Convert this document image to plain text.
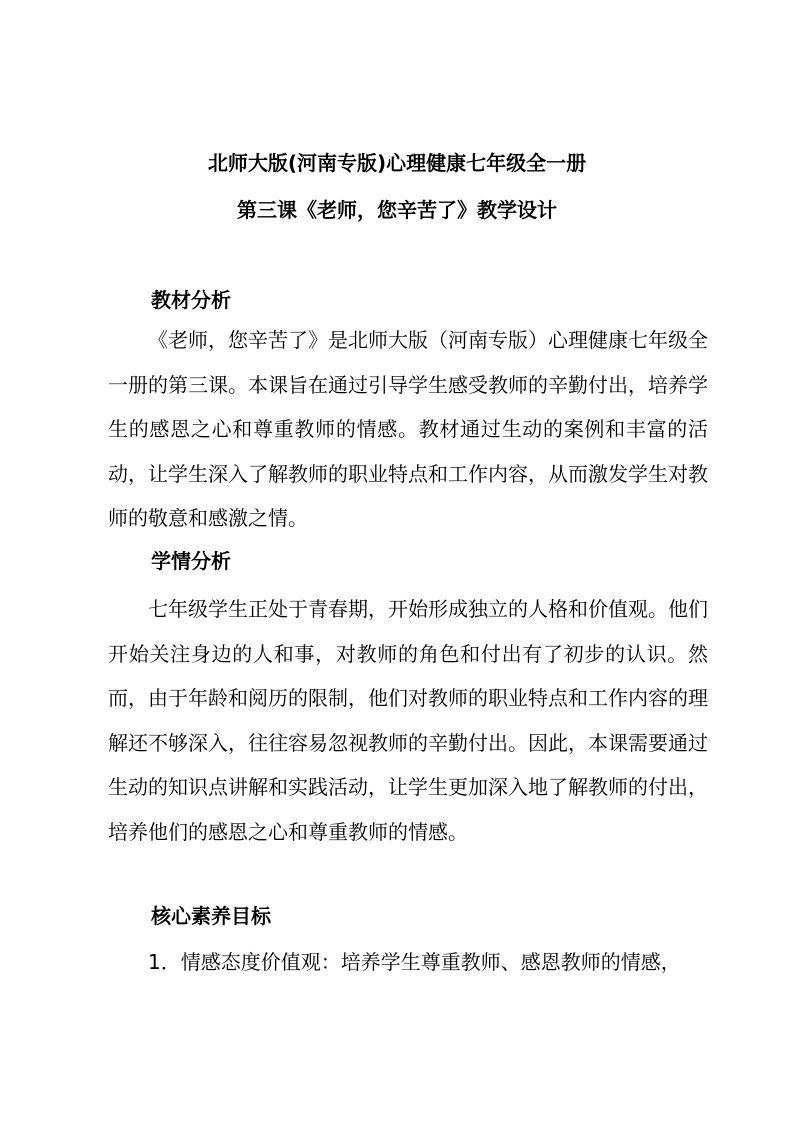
北师大版(河南专版)心理健康七年级全一册
第三课《老师，您辛苦了》教学设计
教材分析

《老师，您辛苦了》是北师大版（河南专版）心理健康七年级全一册的第三课。本课旨在通过引导学生感受教师的辛勤付出，培养学生的感恩之心和尊重教师的情感。教材通过生动的案例和丰富的活动，让学生深入了解教师的职业特点和工作内容，从而激发学生对教师的敬意和感激之情。

学情分析

七年级学生正处于青春期，开始形成独立的人格和价值观。他们开始关注身边的人和事，对教师的角色和付出有了初步的认识。然而，由于年龄和阅历的限制，他们对教师的职业特点和工作内容的理解还不够深入，往往容易忽视教师的辛勤付出。因此，本课需要通过生动的知识点讲解和实践活动，让学生更加深入地了解教师的付出，培养他们的感恩之心和尊重教师的情感。

核心素养目标
1．情感态度价值观：培养学生尊重教师、感恩教师的情感，
